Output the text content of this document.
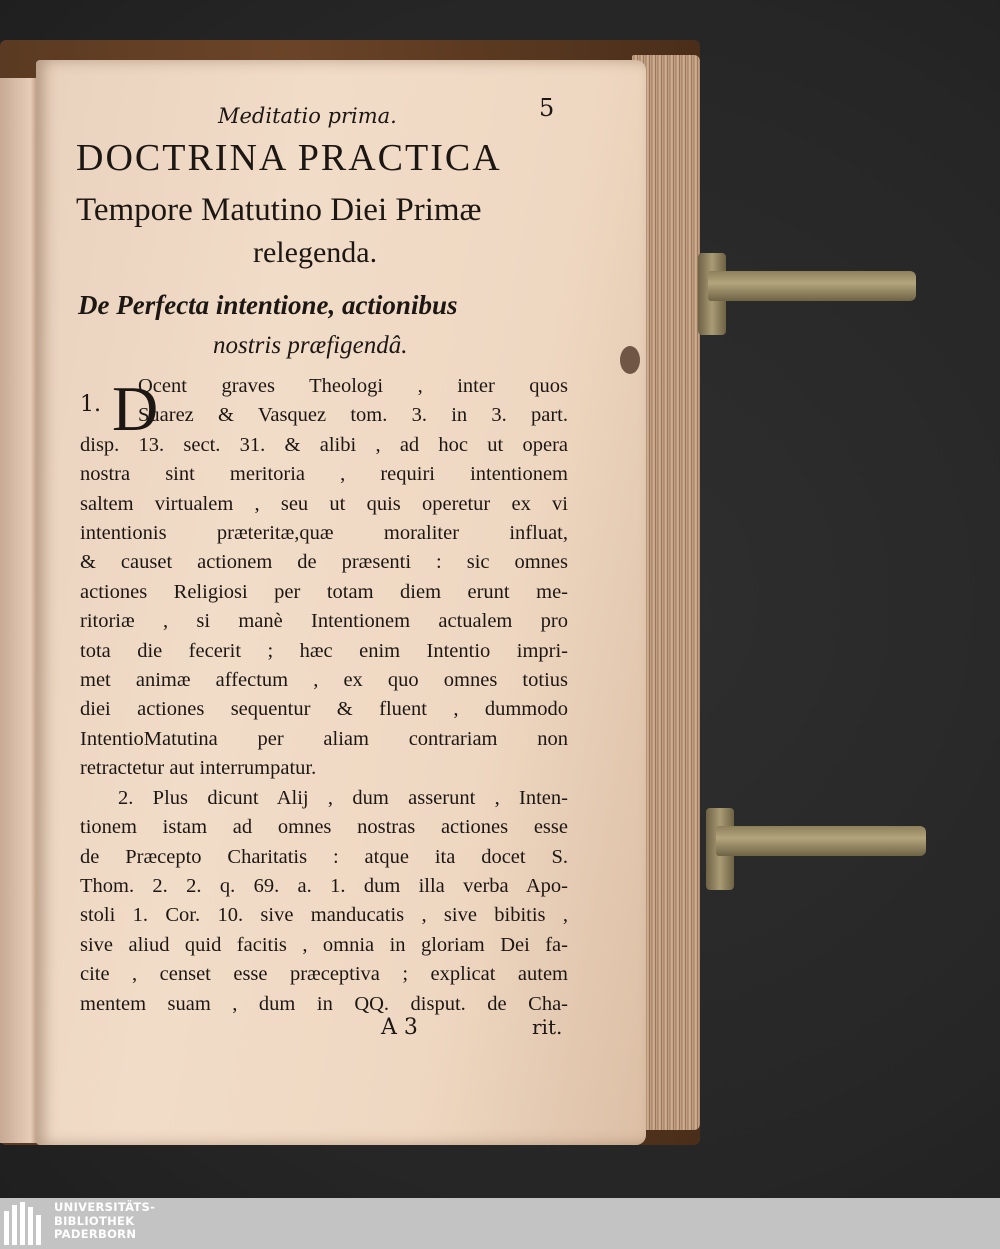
Meditatio prima.	5
DOCTRINA PRACTICA
Tempore Matutino Diei Primæ
relegenda.
De Perfecta intentione, actionibus
nostris præfigendâ.
1. D
Ocent graves Theologi , inter quos
Suarez & Vasquez tom. 3. in 3. part.
disp. 13. sect. 31. & alibi , ad hoc ut opera
nostra sint meritoria , requiri intentionem
saltem virtualem , seu ut quis operetur ex vi
intentionis præteritæ,quæ moraliter influat,
& causet actionem de præsenti : sic omnes
actiones Religiosi per totam diem erunt me-
ritoriæ , si manè Intentionem actualem pro
tota die fecerit ; hæc enim Intentio impri-
met animæ affectum , ex quo omnes totius
diei actiones sequentur & fluent , dummodo
IntentioMatutina per aliam contrariam non
retractetur aut interrumpatur.
2. Plus dicunt Alij , dum asserunt , Inten-
tionem istam ad omnes nostras actiones esse
de Præcepto Charitatis : atque ita docet S.
Thom. 2. 2. q. 69. a. 1. dum illa verba Apo-
stoli 1. Cor. 10. sive manducatis , sive bibitis ,
sive aliud quid facitis , omnia in gloriam Dei fa-
cite , censet esse præceptiva ; explicat autem
mentem suam , dum in QQ. disput. de Cha-
A 3	rit.
UNIVERSITÄTS-
BIBLIOTHEK
PADERBORN
